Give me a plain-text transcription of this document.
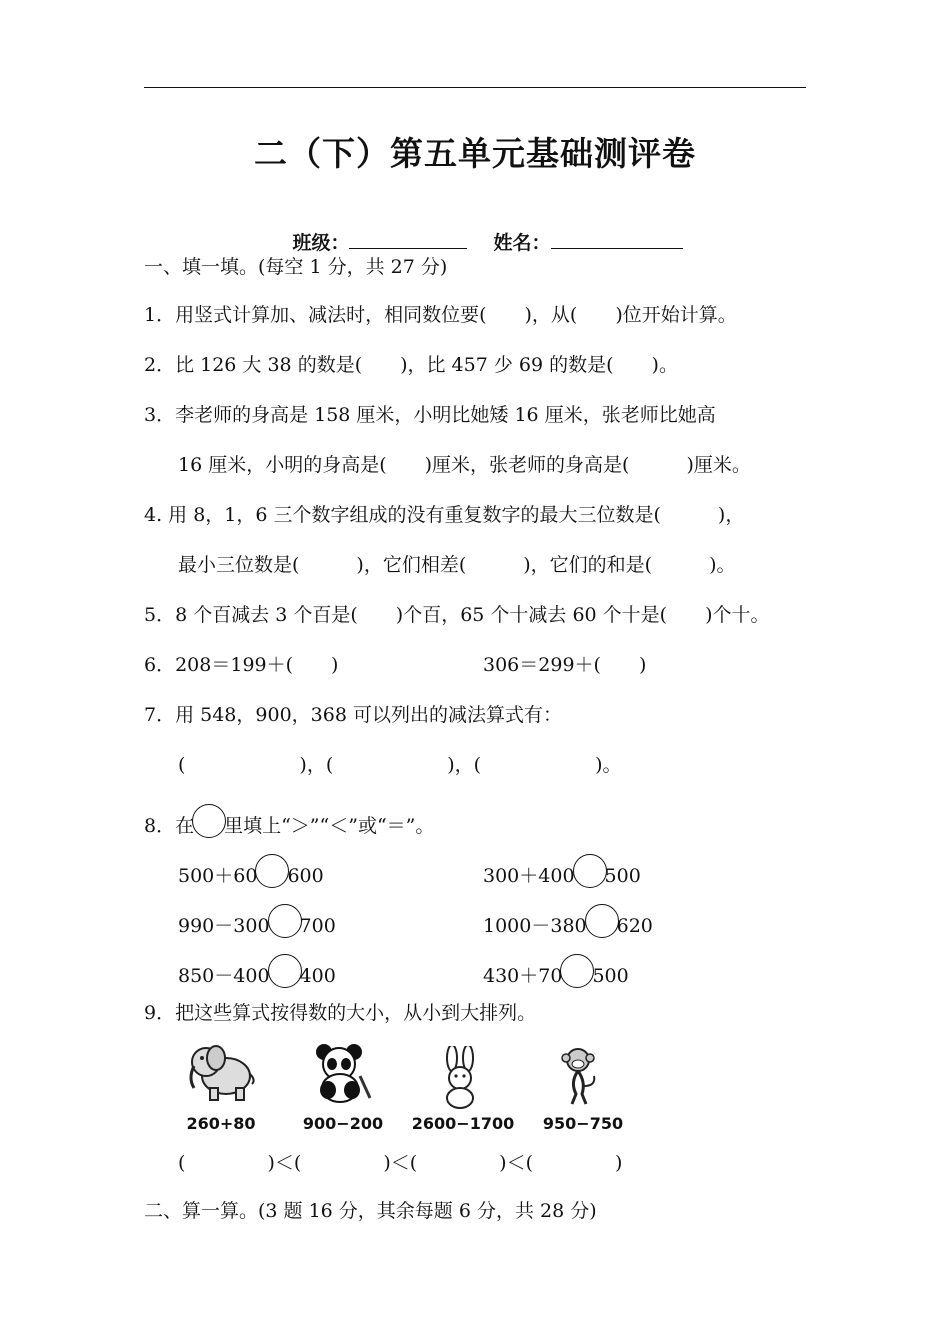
二（下）第五单元基础测评卷

班级：	姓名：

一、填一填。(每空 1 分，共 27 分)
1．用竖式计算加、减法时，相同数位要(　　)，从(　　)位开始计算。
2．比 126 大 38 的数是(　　)，比 457 少 69 的数是(　　)。
3．李老师的身高是 158 厘米，小明比她矮 16 厘米，张老师比她高
16 厘米，小明的身高是(　　)厘米，张老师的身高是(　　　)厘米。
4. 用 8，1，6 三个数字组成的没有重复数字的最大三位数是(　　　)，
最小三位数是(　　　)，它们相差(　　　)，它们的和是(　　　)。
5．8 个百减去 3 个百是(　　)个百，65 个十减去 60 个十是(　　)个十。
6．208＝199＋(　　)	306＝299＋(　　)
7．用 548，900，368 可以列出的减法算式有：
(　　　　　　)，(　　　　　　)，(　　　　　　)。
8．在 里填上“＞”“＜”或“＝”。
500＋60 600	300＋400 500
990－300 700	1000－380 620
850－400 400	430＋70 500
9．把这些算式按得数的大小，从小到大排列。
260+80	900−200	2600−1700	950−750
(　　　　 )＜(　　　　 )＜(　　　　 )＜(　　　　 )
二、算一算。(3 题 16 分，其余每题 6 分，共 28 分)
